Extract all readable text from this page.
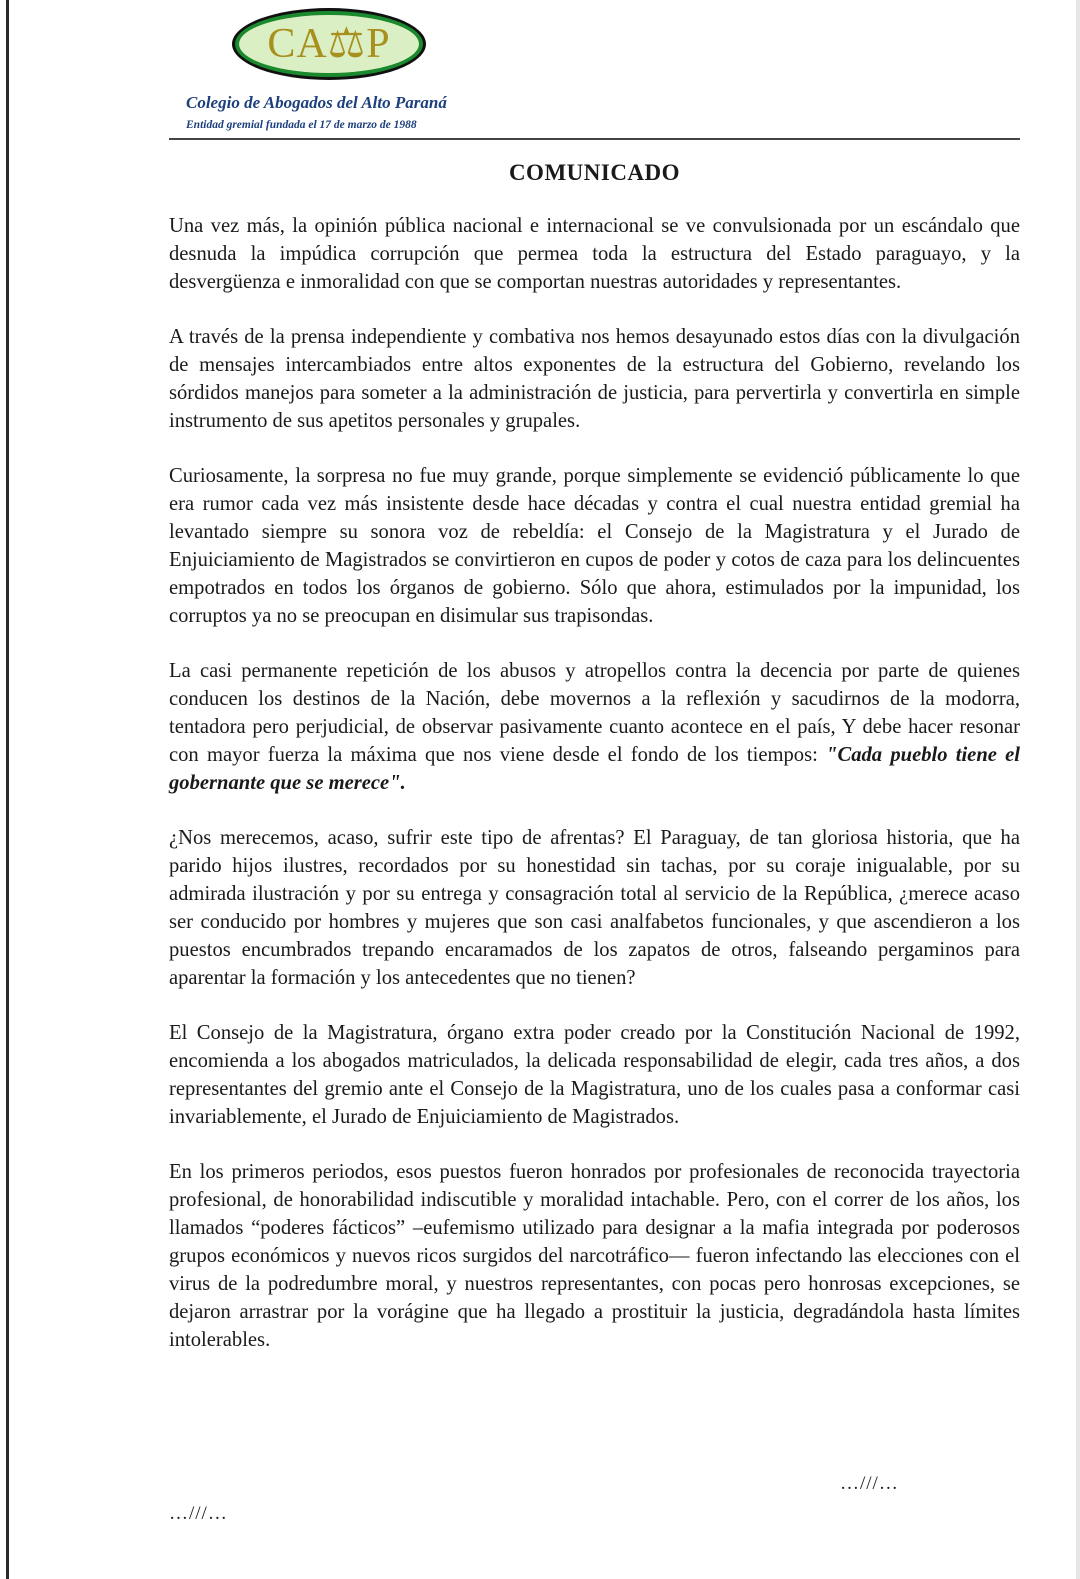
CA⚖P
Colegio de Abogados del Alto Paraná
Entidad gremial fundada el 17 de marzo de 1988
COMUNICADO

Una vez más, la opinión pública nacional e internacional se ve convulsionada por un escándalo que desnuda la impúdica corrupción que permea toda la estructura del Estado paraguayo, y la desvergüenza e inmoralidad con que se comportan nuestras autoridades y representantes.

A través de la prensa independiente y combativa nos hemos desayunado estos días con la divulgación de mensajes intercambiados entre altos exponentes de la estructura del Gobierno, revelando los sórdidos manejos para someter a la administración de justicia, para pervertirla y convertirla en simple instrumento de sus apetitos personales y grupales.

Curiosamente, la sorpresa no fue muy grande, porque simplemente se evidenció públicamente lo que era rumor cada vez más insistente desde hace décadas y contra el cual nuestra entidad gremial ha levantado siempre su sonora voz de rebeldía: el Consejo de la Magistratura y el Jurado de Enjuiciamiento de Magistrados se convirtieron en cupos de poder y cotos de caza para los delincuentes empotrados en todos los órganos de gobierno. Sólo que ahora, estimulados por la impunidad, los corruptos ya no se preocupan en disimular sus trapisondas.

La casi permanente repetición de los abusos y atropellos contra la decencia por parte de quienes conducen los destinos de la Nación, debe movernos a la reflexión y sacudirnos de la modorra, tentadora pero perjudicial, de observar pasivamente cuanto acontece en el país, Y debe hacer resonar con mayor fuerza la máxima que nos viene desde el fondo de los tiempos: "Cada pueblo tiene el gobernante que se merece".

¿Nos merecemos, acaso, sufrir este tipo de afrentas? El Paraguay, de tan gloriosa historia, que ha parido hijos ilustres, recordados por su honestidad sin tachas, por su coraje inigualable, por su admirada ilustración y por su entrega y consagración total al servicio de la República, ¿merece acaso ser conducido por hombres y mujeres que son casi analfabetos funcionales, y que ascendieron a los puestos encumbrados trepando encaramados de los zapatos de otros, falseando pergaminos para aparentar la formación y los antecedentes que no tienen?

El Consejo de la Magistratura, órgano extra poder creado por la Constitución Nacional de 1992, encomienda a los abogados matriculados, la delicada responsabilidad de elegir, cada tres años, a dos representantes del gremio ante el Consejo de la Magistratura, uno de los cuales pasa a conformar casi invariablemente, el Jurado de Enjuiciamiento de Magistrados.

En los primeros periodos, esos puestos fueron honrados por profesionales de reconocida trayectoria profesional, de honorabilidad indiscutible y moralidad intachable. Pero, con el correr de los años, los llamados “poderes fácticos” –eufemismo utilizado para designar a la mafia integrada por poderosos grupos económicos y nuevos ricos surgidos del narcotráfico— fueron infectando las elecciones con el virus de la podredumbre moral, y nuestros representantes, con pocas pero honrosas excepciones, se dejaron arrastrar por la vorágine que ha llegado a prostituir la justicia, degradándola hasta límites intolerables.

…///…
…///…
